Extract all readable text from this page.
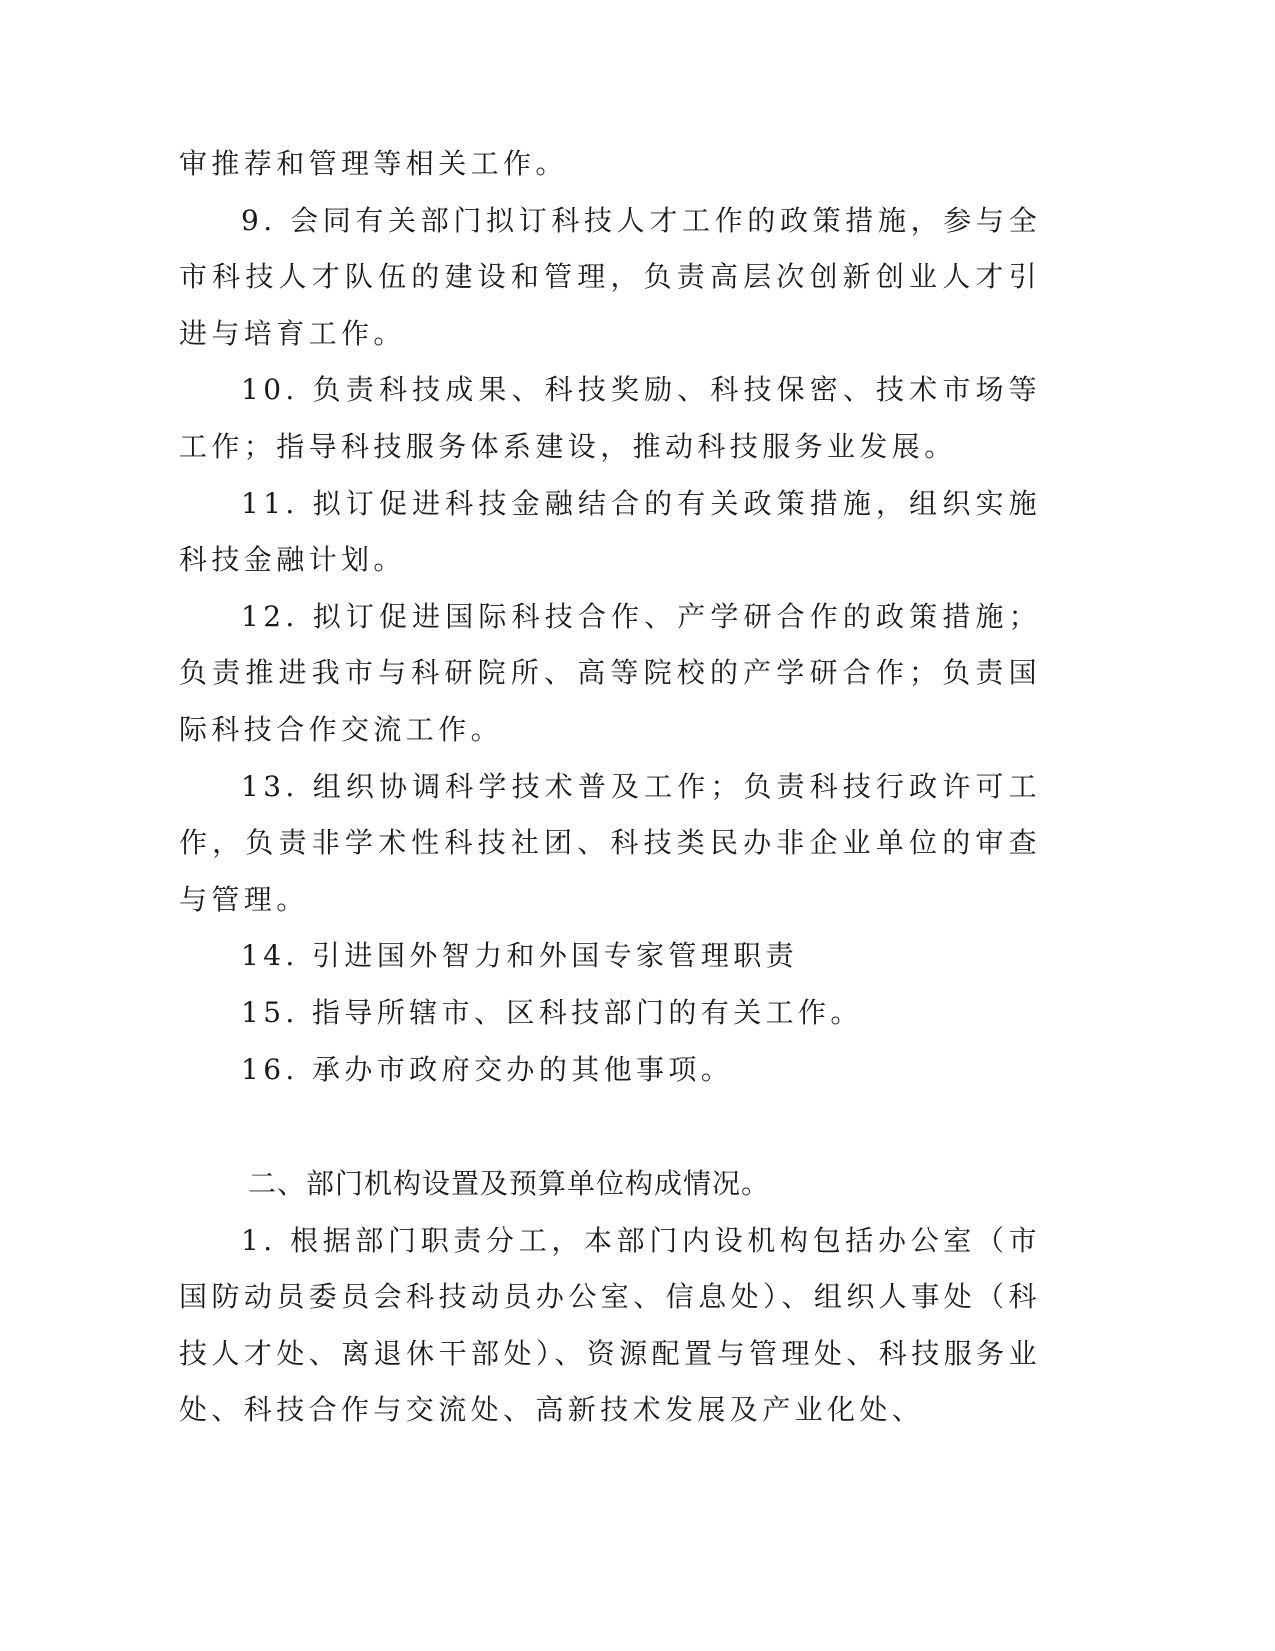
审推荐和管理等相关工作。

9. 会同有关部门拟订科技人才工作的政策措施，参与全市科技人才队伍的建设和管理，负责高层次创新创业人才引进与培育工作。

10. 负责科技成果、科技奖励、科技保密、技术市场等工作；指导科技服务体系建设，推动科技服务业发展。

11. 拟订促进科技金融结合的有关政策措施，组织实施科技金融计划。

12. 拟订促进国际科技合作、产学研合作的政策措施；负责推进我市与科研院所、高等院校的产学研合作；负责国际科技合作交流工作。

13. 组织协调科学技术普及工作；负责科技行政许可工作，负责非学术性科技社团、科技类民办非企业单位的审查与管理。

14. 引进国外智力和外国专家管理职责

15. 指导所辖市、区科技部门的有关工作。

16. 承办市政府交办的其他事项。

二、部门机构设置及预算单位构成情况。

1. 根据部门职责分工，本部门内设机构包括办公室（市国防动员委员会科技动员办公室、信息处）、组织人事处（科技人才处、离退休干部处）、资源配置与管理处、科技服务业处、科技合作与交流处、高新技术发展及产业化处、
